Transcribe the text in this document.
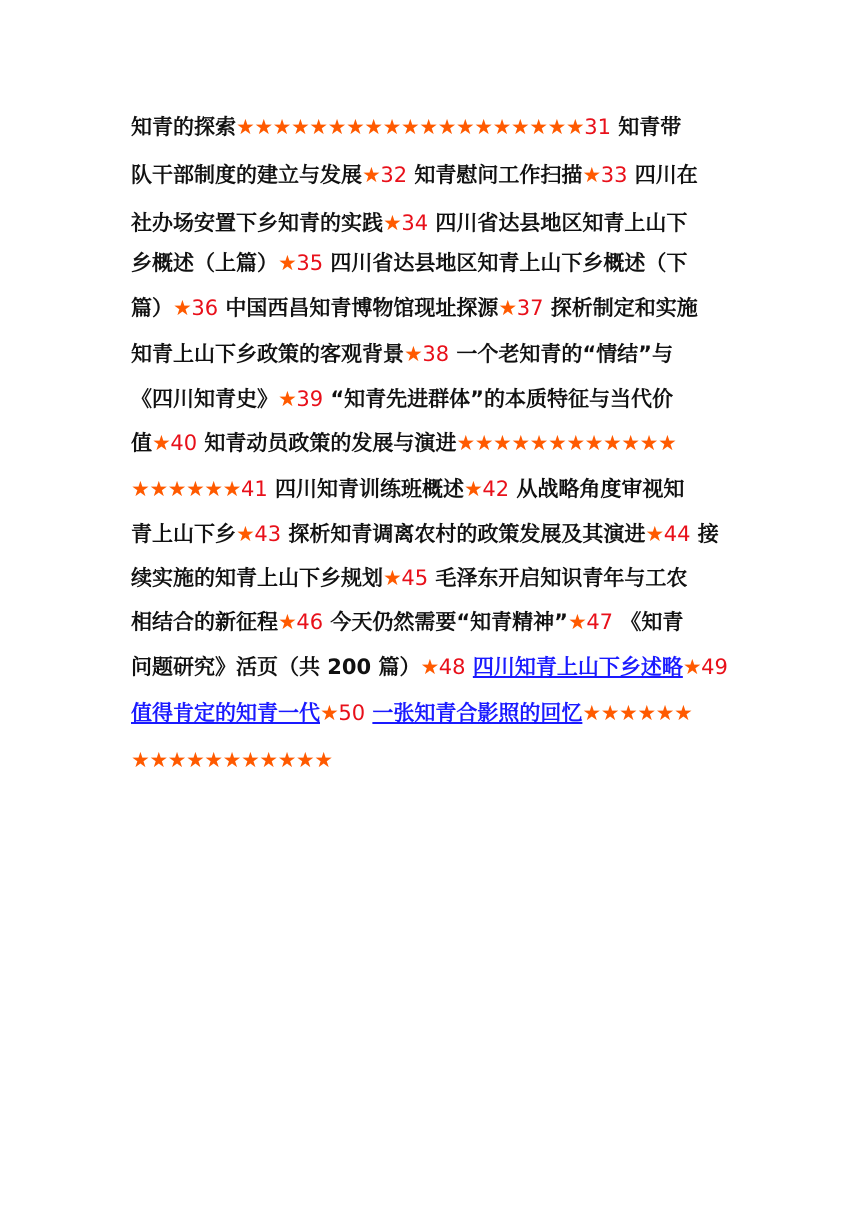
知青的探索★★★★★★★★★★★★★★★★★★★31 知青带
队干部制度的建立与发展★32 知青慰问工作扫描★33 四川在
社办场安置下乡知青的实践★34 四川省达县地区知青上山下
乡概述（上篇）★35 四川省达县地区知青上山下乡概述（下
篇）★36 中国西昌知青博物馆现址探源★37 探析制定和实施
知青上山下乡政策的客观背景★38 一个老知青的“情结”与
《四川知青史》★39 “知青先进群体”的本质特征与当代价
值★40 知青动员政策的发展与演进★★★★★★★★★★★★
★★★★★★41 四川知青训练班概述★42 从战略角度审视知
青上山下乡★43 探析知青调离农村的政策发展及其演进★44 接
续实施的知青上山下乡规划★45 毛泽东开启知识青年与工农
相结合的新征程★46 今天仍然需要“知青精神”★47 《知青
问题研究》活页（共 200 篇）★48 四川知青上山下乡述略★49
值得肯定的知青一代★50 一张知青合影照的回忆★★★★★★
★★★★★★★★★★★
